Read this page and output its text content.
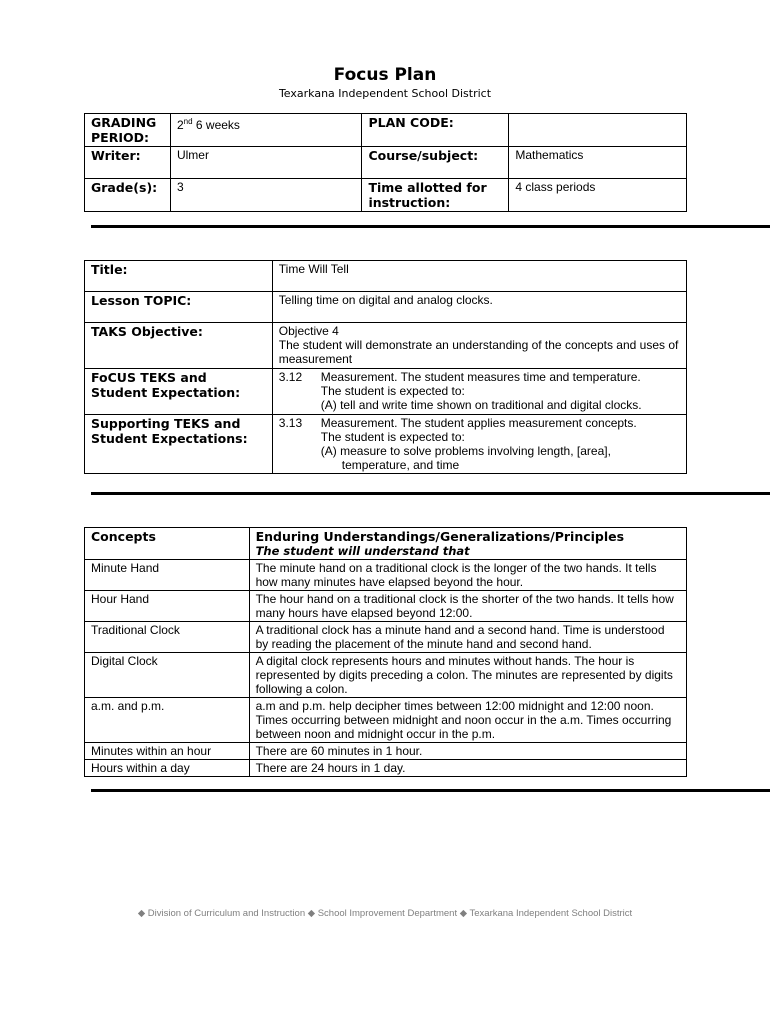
Focus Plan
Texarkana Independent School District
GRADING PERIOD:	2nd 6 weeks	PLAN CODE:	
Writer:	Ulmer	Course/subject:	Mathematics
Grade(s):	3	Time allotted for instruction:	4 class periods
Title:	Time Will Tell
Lesson TOPIC:	Telling time on digital and analog clocks.
TAKS Objective:	Objective 4
The student will demonstrate an understanding of the concepts and uses of measurement

FoCUS TEKS and Student Expectation:	3.12 Measurement. The student measures time and temperature.
The student is expected to:
(A) tell and write time shown on traditional and digital clocks.

Supporting TEKS and Student Expectations:	3.13 Measurement. The student applies measurement concepts.
The student is expected to:
(A) measure to solve problems involving length, [area],
temperature, and time
Concepts	Enduring Understandings/Generalizations/Principles
The student will understand that

Minute Hand	The minute hand on a traditional clock is the longer of the two hands. It tells how many minutes have elapsed beyond the hour.
Hour Hand	The hour hand on a traditional clock is the shorter of the two hands. It tells how many hours have elapsed beyond 12:00.
Traditional Clock	A traditional clock has a minute hand and a second hand. Time is understood by reading the placement of the minute hand and second hand.
Digital Clock	A digital clock represents hours and minutes without hands. The hour is represented by digits preceding a colon. The minutes are represented by digits following a colon.
a.m. and p.m.	a.m and p.m. help decipher times between 12:00 midnight and 12:00 noon. Times occurring between midnight and noon occur in the a.m. Times occurring between noon and midnight occur in the p.m.
Minutes within an hour	There are 60 minutes in 1 hour.
Hours within a day	There are 24 hours in 1 day.
◆ Division of Curriculum and Instruction ◆ School Improvement Department ◆ Texarkana Independent School District
